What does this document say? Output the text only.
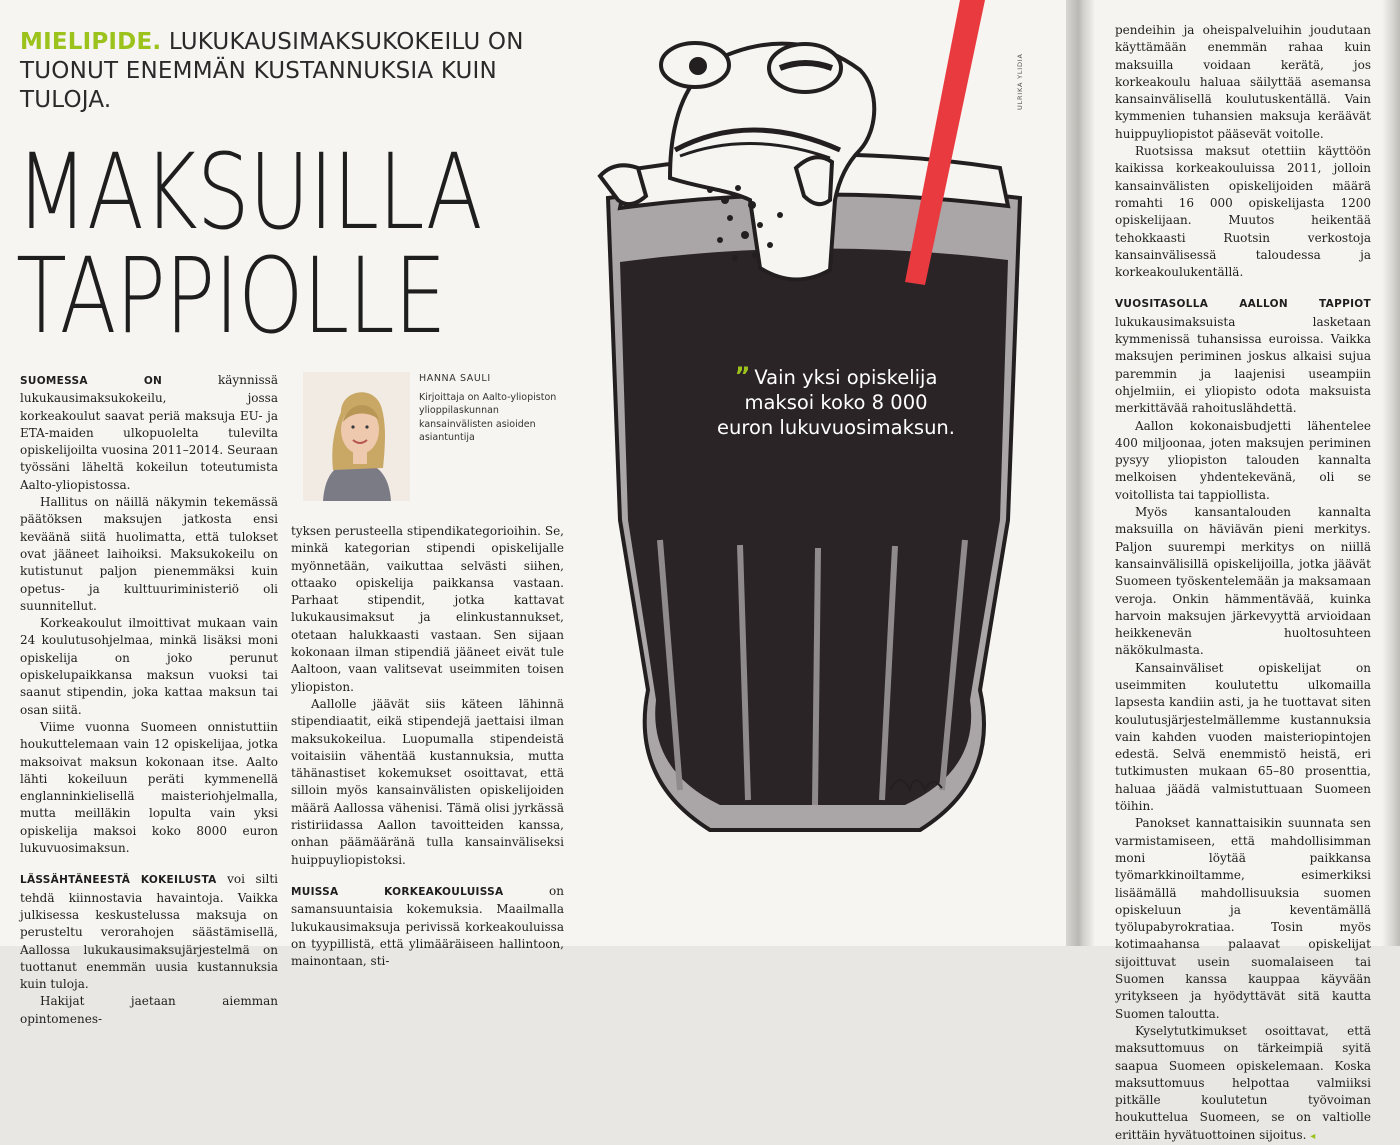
MIELIPIDE. LUKUKAUSIMAKSUKOKEILU ON TUONUT ENEMMÄN KUSTANNUKSIA KUIN TULOJA.
MAKSUILLA
TAPPIOLLE
HANNA SAULI

Kirjoittaja on Aalto-yliopiston ylioppilaskunnan kansainvälisten asioiden asiantuntija

SUOMESSA ON käynnissä lukukausimaksukokeilu, jossa korkeakoulut saavat periä maksuja EU- ja ETA-maiden ulkopuolelta tulevilta opiskelijoilta vuosina 2011–2014. Seuraan työssäni läheltä kokeilun toteutumista Aalto-yliopistossa.

Hallitus on näillä näkymin tekemässä päätöksen maksujen jatkosta ensi keväänä siitä huolimatta, että tulokset ovat jääneet laihoiksi. Maksukokeilu on kutistunut paljon pienemmäksi kuin opetus- ja kulttuuriministeriö oli suunnitellut.

Korkeakoulut ilmoittivat mukaan vain 24 koulutusohjelmaa, minkä lisäksi moni opiskelija on joko perunut opiskelupaikkansa maksun vuoksi tai saanut stipendin, joka kattaa maksun tai osan siitä.

Viime vuonna Suomeen onnistuttiin houkuttelemaan vain 12 opiskelijaa, jotka maksoivat maksun kokonaan itse. Aalto lähti kokeiluun peräti kymmenellä englanninkielisellä maisteriohjelmalla, mutta meilläkin lopulta vain yksi opiskelija maksoi koko 8000 euron lukuvuosimaksun.

LÄSSÄHTÄNEESTÄ KOKEILUSTA voi silti tehdä kiinnostavia havaintoja. Vaikka julkisessa keskustelussa maksuja on perusteltu verorahojen säästämisellä, Aallossa lukukausimaksujärjestelmä on tuottanut enemmän uusia kustannuksia kuin tuloja.

Hakijat jaetaan aiemman opintomenes-

tyksen perusteella stipendikategorioihin. Se, minkä kategorian stipendi opiskelijalle myönnetään, vaikuttaa selvästi siihen, ottaako opiskelija paikkansa vastaan. Parhaat stipendit, jotka kattavat lukukausimaksut ja elinkustannukset, otetaan halukkaasti vastaan. Sen sijaan kokonaan ilman stipendiä jääneet eivät tule Aaltoon, vaan valitsevat useimmiten toisen yliopiston.

Aallolle jäävät siis käteen lähinnä stipendiaatit, eikä stipendejä jaettaisi ilman maksukokeilua. Luopumalla stipendeistä voitaisiin vähentää kustannuksia, mutta tähänastiset kokemukset osoittavat, että silloin myös kansainvälisten opiskelijoiden määrä Aallossa vähenisi. Tämä olisi jyrkässä ristiriidassa Aallon tavoitteiden kanssa, onhan päämääränä tulla kansainväliseksi huippuyliopistoksi.

MUISSA KORKEAKOULUISSA on samansuuntaisia kokemuksia. Maailmalla lukukausimaksuja perivissä korkeakouluissa on tyypillistä, että ylimääräiseen hallintoon, mainontaan, sti-

ULRIKA YLIDIA
” Vain yksi opiskelija maksoi koko 8 000 euron lukuvuosimaksun.

pendeihin ja oheispalveluihin joudutaan käyttämään enemmän rahaa kuin maksuilla voidaan kerätä, jos korkeakoulu haluaa säilyttää asemansa kansainvälisellä koulutuskentällä. Vain kymmenien tuhansien maksuja keräävät huippuyliopistot pääsevät voitolle.

Ruotsissa maksut otettiin käyttöön kaikissa korkeakouluissa 2011, jolloin kansainvälisten opiskelijoiden määrä romahti 16 000 opiskelijasta 1200 opiskelijaan. Muutos heikentää tehokkaasti Ruotsin verkostoja kansainvälisessä taloudessa ja korkeakoulukentällä.

VUOSITASOLLA AALLON TAPPIOT lukukausimaksuista lasketaan kymmenissä tuhansissa euroissa. Vaikka maksujen periminen joskus alkaisi sujua paremmin ja laajenisi useampiin ohjelmiin, ei yliopisto odota maksuista merkittävää rahoituslähdettä.

Aallon kokonaisbudjetti lähentelee 400 miljoonaa, joten maksujen periminen pysyy yliopiston talouden kannalta melkoisen yhdentekevänä, oli se voitollista tai tappiollista.

Myös kansantalouden kannalta maksuilla on häviävän pieni merkitys. Paljon suurempi merkitys on niillä kansainvälisillä opiskelijoilla, jotka jäävät Suomeen työskentelemään ja maksamaan veroja. Onkin hämmentävää, kuinka harvoin maksujen järkevyyttä arvioidaan heikkenevän huoltosuhteen näkökulmasta.

Kansainväliset opiskelijat on useimmiten koulutettu ulkomailla lapsesta kandiin asti, ja he tuottavat siten koulutusjärjestelmällemme kustannuksia vain kahden vuoden maisteriopintojen edestä. Selvä enemmistö heistä, eri tutkimusten mukaan 65–80 prosenttia, haluaa jäädä valmistuttuaan Suomeen töihin.

Panokset kannattaisikin suunnata sen varmistamiseen, että mahdollisimman moni löytää paikkansa työmarkkinoiltamme, esimerkiksi lisäämällä mahdollisuuksia suomen opiskeluun ja keventämällä työlupabyrokratiaa. Tosin myös kotimaahansa palaavat opiskelijat sijoittuvat usein suomalaiseen tai Suomen kanssa kauppaa käyvään yritykseen ja hyödyttävät sitä kautta Suomen taloutta.

Kyselytutkimukset osoittavat, että maksuttomuus on tärkeimpiä syitä saapua Suomeen opiskelemaan. Koska maksuttomuus helpottaa valmiiksi pitkälle koulutetun työvoiman houkuttelua Suomeen, se on valtiolle erittäin hyvätuottoinen sijoitus. ◂
